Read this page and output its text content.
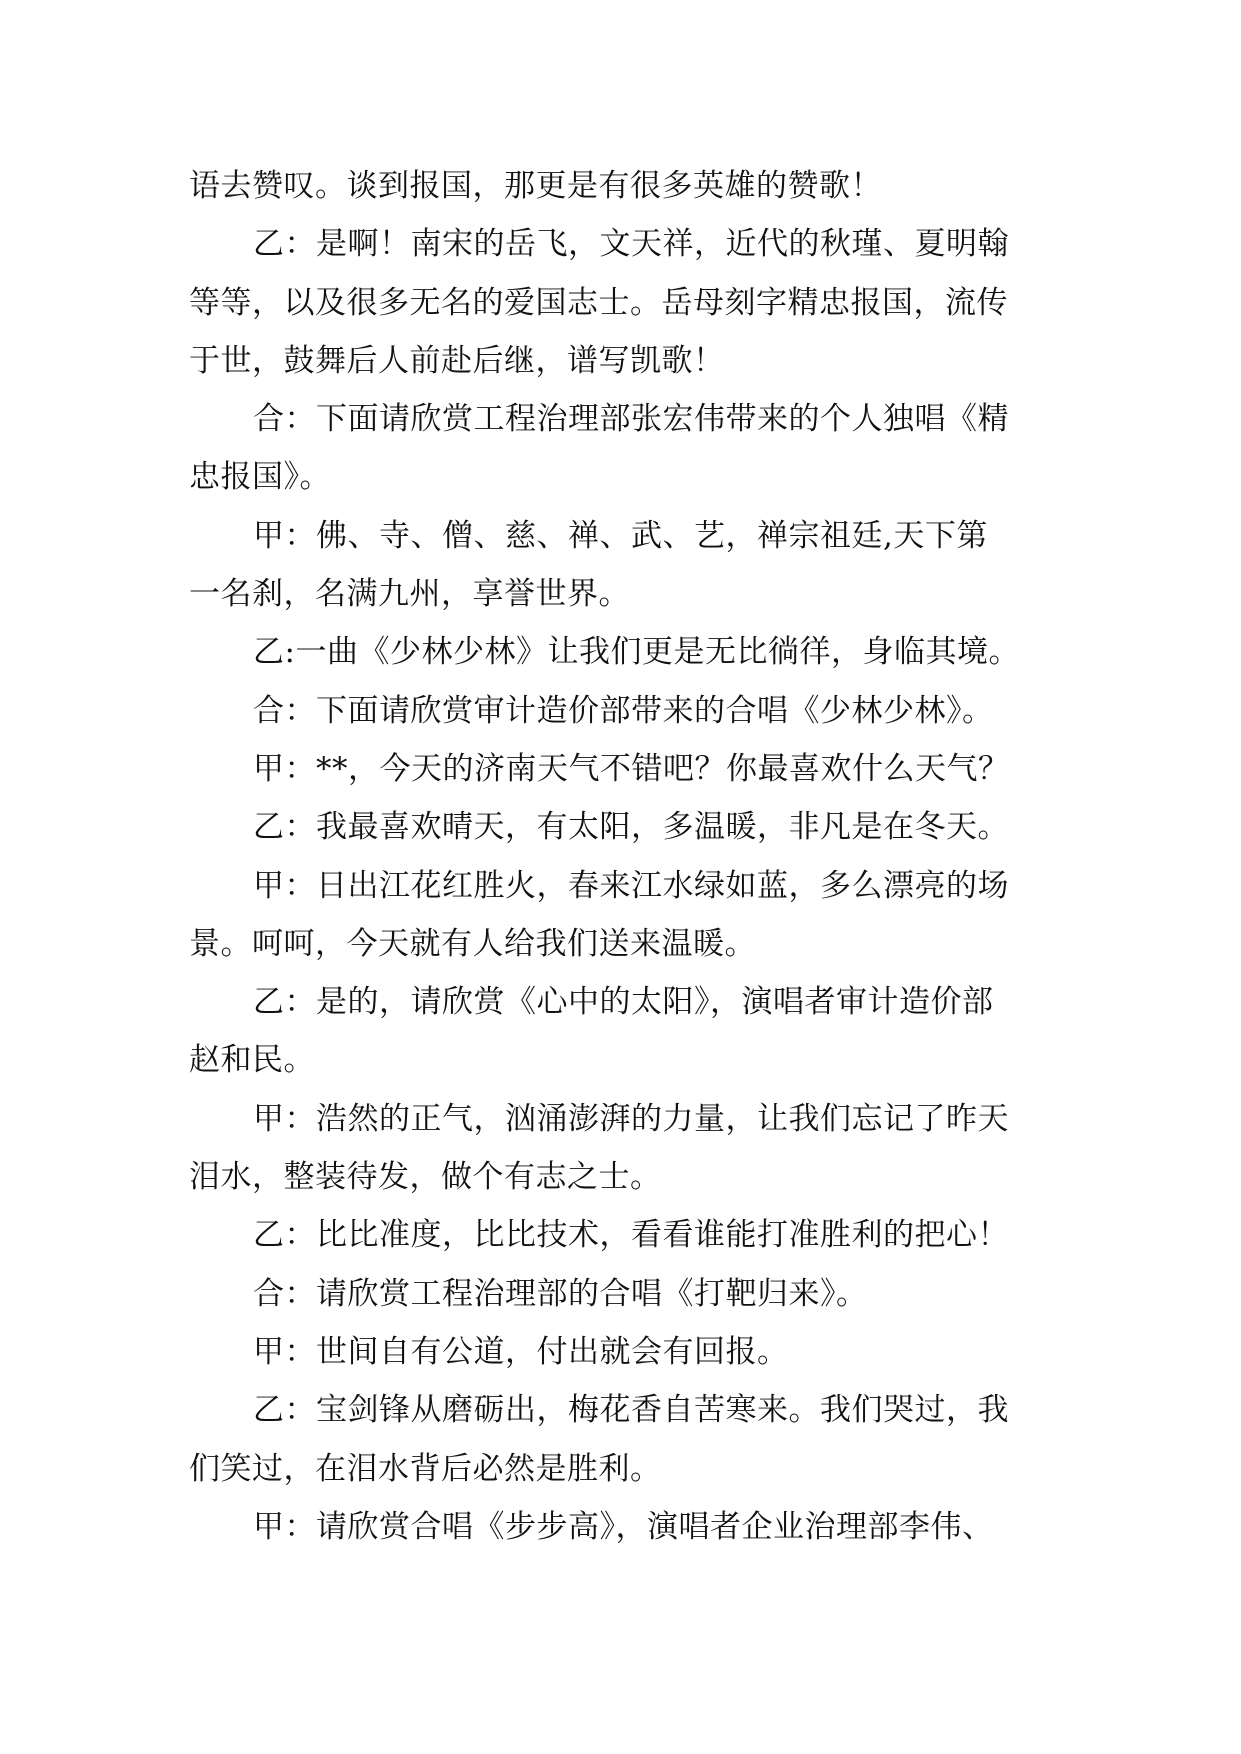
语去赞叹。谈到报国，那更是有很多英雄的赞歌！
乙：是啊！南宋的岳飞，文天祥，近代的秋瑾、夏明翰
等等，以及很多无名的爱国志士。岳母刻字精忠报国，流传
于世，鼓舞后人前赴后继，谱写凯歌！
合：下面请欣赏工程治理部张宏伟带来的个人独唱《精
忠报国》。
甲：佛、寺、僧、慈、禅、武、艺，禅宗祖廷,天下第
一名刹，名满九州，享誉世界。
乙:一曲《少林少林》让我们更是无比徜徉，身临其境。
合：下面请欣赏审计造价部带来的合唱《少林少林》。
甲：**，今天的济南天气不错吧？你最喜欢什么天气？
乙：我最喜欢晴天，有太阳，多温暖，非凡是在冬天。
甲：日出江花红胜火，春来江水绿如蓝，多么漂亮的场
景。呵呵，今天就有人给我们送来温暖。
乙：是的，请欣赏《心中的太阳》，演唱者审计造价部
赵和民。
甲：浩然的正气，汹涌澎湃的力量，让我们忘记了昨天
泪水，整装待发，做个有志之士。
乙：比比准度，比比技术，看看谁能打准胜利的把心！
合：请欣赏工程治理部的合唱《打靶归来》。
甲：世间自有公道，付出就会有回报。
乙：宝剑锋从磨砺出，梅花香自苦寒来。我们哭过，我
们笑过，在泪水背后必然是胜利。
甲：请欣赏合唱《步步高》，演唱者企业治理部李伟、
